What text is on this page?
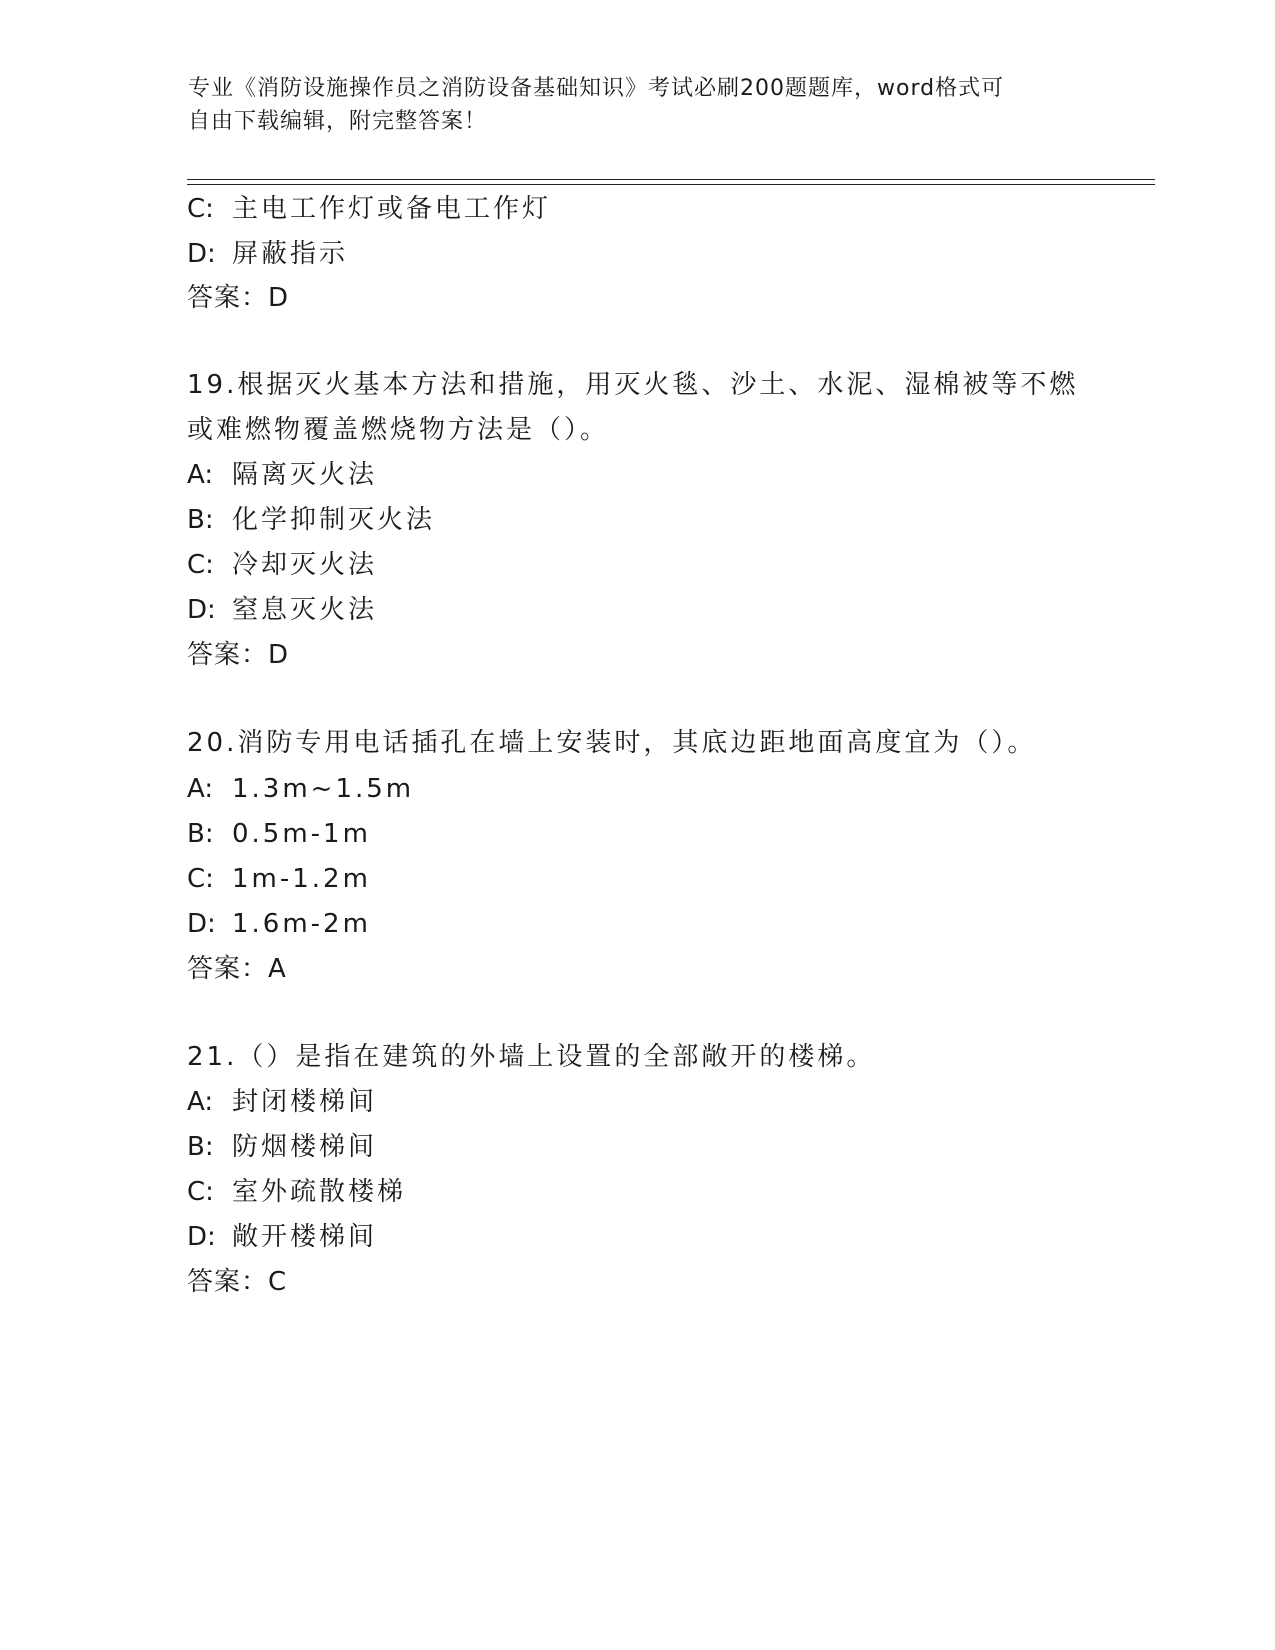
专业《消防设施操作员之消防设备基础知识》考试必刷200题题库，word格式可
自由下载编辑，附完整答案！
C: 主电工作灯或备电工作灯
D: 屏蔽指示
答案：D
19.根据灭火基本方法和措施，用灭火毯、沙土、水泥、湿棉被等不燃
或难燃物覆盖燃烧物方法是（）。
A: 隔离灭火法
B: 化学抑制灭火法
C: 冷却灭火法
D: 窒息灭火法
答案：D
20.消防专用电话插孔在墙上安装时，其底边距地面高度宜为（）。
A: 1.3m~1.5m
B: 0.5m-1m
C: 1m-1.2m
D: 1.6m-2m
答案：A
21.（）是指在建筑的外墙上设置的全部敞开的楼梯。
A: 封闭楼梯间
B: 防烟楼梯间
C: 室外疏散楼梯
D: 敞开楼梯间
答案：C
